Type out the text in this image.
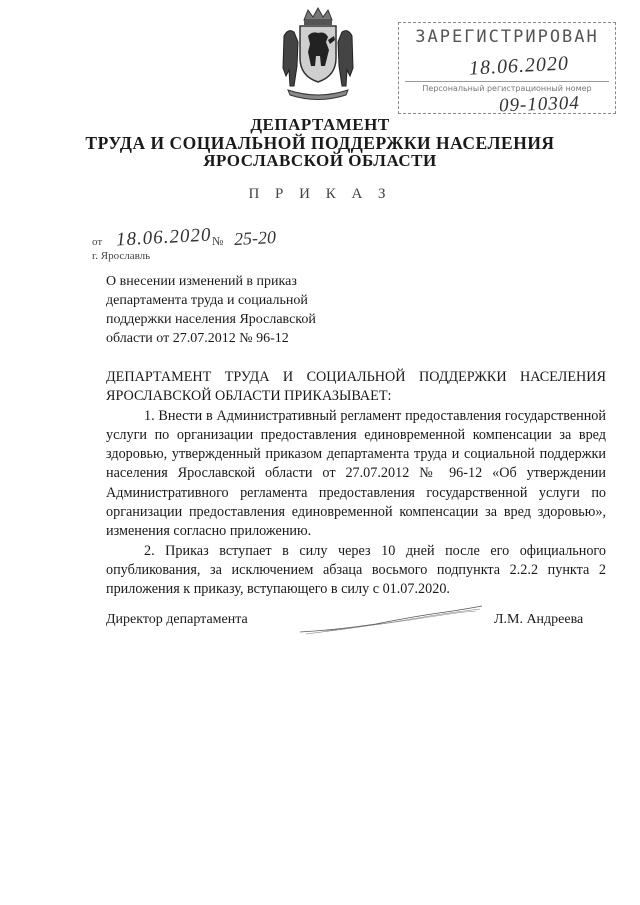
ЗАРЕГИСТРИРОВАН
18.06.2020
Персональный регистрационный номер
09-10304
ДЕПАРТАМЕНТ
ТРУДА И СОЦИАЛЬНОЙ ПОДДЕРЖКИ НАСЕЛЕНИЯ
ЯРОСЛАВСКОЙ ОБЛАСТИ
П Р И К А З
от 18.06.2020 № 25-20
г. Ярославль
О внесении изменений в приказ
департамента труда и социальной
поддержки населения Ярославской
области от 27.07.2012 № 96-12

ДЕПАРТАМЕНТ ТРУДА И СОЦИАЛЬНОЙ ПОДДЕРЖКИ НАСЕЛЕНИЯ

ЯРОСЛАВСКОЙ ОБЛАСТИ ПРИКАЗЫВАЕТ:

1. Внести в Административный регламент предоставления государственной услуги по организации предоставления единовременной компенсации за вред здоровью, утвержденный приказом департамента труда и социальной поддержки населения Ярославской области от 27.07.2012 № 96-12 «Об утверждении Административного регламента предоставления государственной услуги по организации предоставления единовременной компенсации за вред здоровью», изменения согласно приложению.

2. Приказ вступает в силу через 10 дней после его официального опубликования, за исключением абзаца восьмого подпункта 2.2.2 пункта 2 приложения к приказу, вступающего в силу с 01.07.2020.

Директор департамента	Л.М. Андреева
